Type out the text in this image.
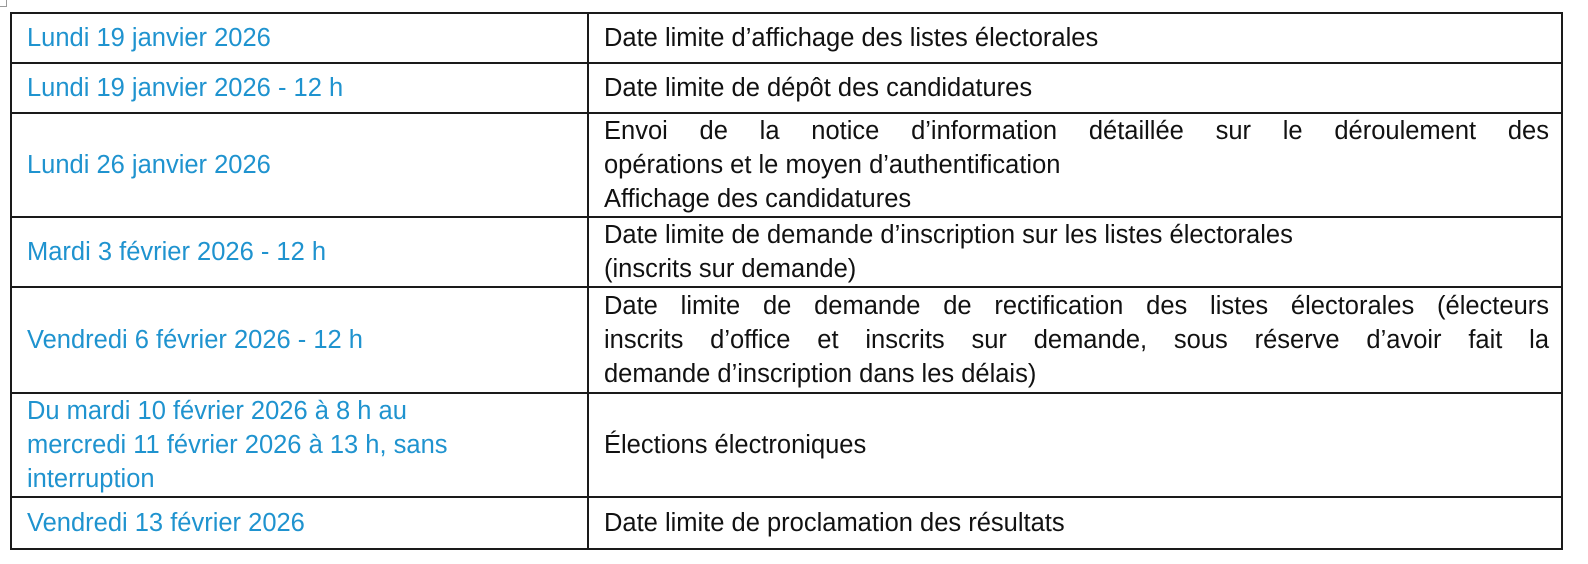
Lundi 19 janvier 2026	Date limite d’affichage des listes électorales

Lundi 19 janvier 2026 - 12 h	Date limite de dépôt des candidatures

Lundi 26 janvier 2026	Envoi de la notice d’information détaillée sur le déroulement des
opérations et le moyen d’authentification
Affichage des candidatures

Mardi 3 février 2026 - 12 h	Date limite de demande d’inscription sur les listes électorales
(inscrits sur demande)

Vendredi 6 février 2026 - 12 h	Date limite de demande de rectification des listes électorales (électeurs
inscrits d’office et inscrits sur demande, sous réserve d’avoir fait la
demande d’inscription dans les délais)

Du mardi 10 février 2026 à 8 h au
mercredi 11 février 2026 à 13 h, sans
interruption	Élections électroniques

Vendredi 13 février 2026	Date limite de proclamation des résultats
